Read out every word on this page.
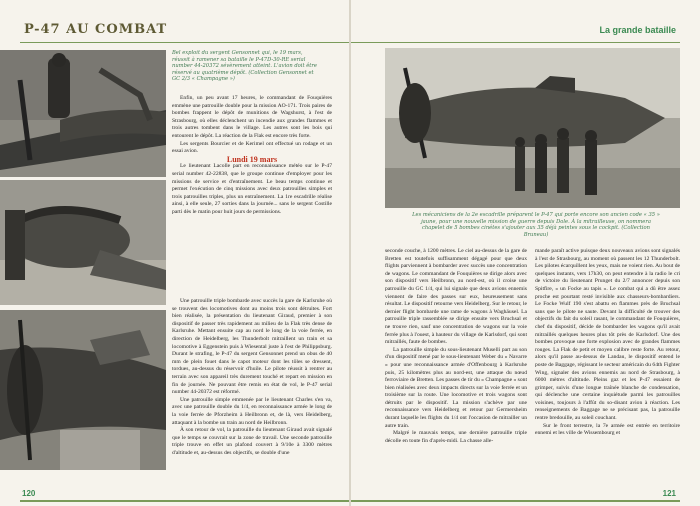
P-47 AU COMBAT
Bel exploit du sergent Gensonnet qui, le 19 mars, réussit à ramener sa bataille le P-47D-30-RE serial number 44-20372 sévèrement atteint. L'avion doit être réservé au quatrième dépôt. (Collection Gensonnet et GC 2/3 « Champagne »)

Enfin, un peu avant 17 heures, le commandant de Fouquières emmène une patrouille double pour la mission AO-171. Trois paires de bombes frappent le dépôt de munitions de Wagshurst, à l'est de Strasbourg, où elles déclenchent un incendie aux grandes flammes et trois autres tombent dans le village. Les autres sont les bois qui entourent le dépôt. La réaction de la Flak est encore très forte.

Les sergents Bourcier et de Kerimel ont effectué un rodage et un essai avion.

Lundi 19 mars

Le lieutenant Lacolle part en reconnaissance météo sur le P-47 serial number 42-22838, que le groupe continue d'employer pour les missions de service et d'entraînement. Le beau temps continue et permet l'exécution de cinq missions avec deux patrouilles simples et trois patrouilles triples, plus un entraînement. La 1re escadrille réalise ainsi, à elle seule, 27 sorties dans la journée... sans le sergent Costille parti dès le matin pour huit jours de permissions.

Une patrouille triple bombarde avec succès la gare de Karlsruhe où se trouvent des locomotives dont au moins trois sont détruites. Fort bien réalisée, la présentation du lieutenant Giraud, premier à son dispositif de passer très rapidement au milieu de la Flak très dense de Karlsruhe. Mettant ensuite cap au nord le long de la voie ferrée, en direction de Heidelberg, les Thunderbolt mitraillent un train et sa locomotive à Eggenstein puis à Wiesental juste à l'est de Philippsburg. Durant le strafing, le P-47 du sergent Gensonnet prend un obus de 40 mm de plein fouet dans le capot moteur dont les tôles se dressent, tordues, au-dessus du réservoir d'huile. Le pilote réussit à rentrer au terrain avec son appareil très durement touché et repart en mission en fin de journée. Ne pouvant être remis en état de vol, le P-47 serial number 44-20372 est réformé.

Une patrouille simple emmenée par le lieutenant Charles s'en va, avec une patrouille double du 1/4, en reconnaissance armée le long de la voie ferrée de Pforzheim à Heilbronn et, de là, vers Heidelberg, attaquant à la bombe un train au nord de Heilbronn.

À son retour de vol, la patrouille du lieutenant Giraud avait signalé que le temps se couvrait sur la zone de travail. Une seconde patrouille triple trouve en effet un plafond couvert à 9/10e à 3300 mètres d'altitude et, au-dessus des objectifs, se double d'une

120
La grande bataille
Les mécaniciens de la 2e escadrille préparent le P-47 qui porte encore son ancien code « 35 » jaune, pour une nouvelle mission de guerre depuis Dole. À la mitrailleuse, on nommera chapelet de 5 bombes cinétes s'ajouter aux 35 déjà peintes sous le cockpit. (Collection Bruneau)

seconde couche, à 1200 mètres. Le ciel au-dessus de la gare de Bretten est toutefois suffisamment dégagé pour que deux flights parviennent à bombarder avec succès une concentration de wagons. Le commandant de Fouquières se dirige alors avec son dispositif vers Heilbronn, au nord-est, où il croise une patrouille du GC 1/4, qui lui signale que deux avions ennemis viennent de faire des passes sur eux, heureusement sans résultat. Le dispositif retourne vers Heidelberg. Sur le retour, le dernier flight bombarde une rame de wagons à Waghäusel. La patrouille triple rassemblée se dirige ensuite vers Bruchsal et ne trouve rien, sauf une concentration de wagons sur la voie ferrée plus à l'ouest, à hauteur du village de Karlsdorf, qui sont mitraillés, faute de bombes.

La patrouille simple du sous-lieutenant Muselli part au son d'un dispositif mené par le sous-lieutenant Weber du « Navarre » pour une reconnaissance armée d'Offenbourg à Karlsruhe puis, 25 kilomètres plus au nord-est, une attaque du nœud ferroviaire de Bretten. Les passes de tir du « Champagne » sont bien réalisées avec deux impacts directs sur la voie ferrée et un troisième sur la route. Une locomotive et trois wagons sont détruits par le dispositif. La mission s'achève par une reconnaissance vers Heidelberg et retour par Germersheim durant laquelle les flights du 1/4 ont l'occasion de mitrailler un autre train.

Malgré le mauvais temps, une dernière patrouille triple décolle en toute fin d'après-midi. La chasse alle-

mande paraît active puisque deux nouveaux avions sont signalés à l'est de Strasbourg, au moment où passent les 12 Thunderbolt. Les pilotes écarquillent les yeux, mais ne voient rien. Au bout de quelques instants, vers 17h30, on peut entendre à la radio le cri de victoire du lieutenant Prunget du 2/7 annoncer depuis son Spitfire, « un Focke au tapis ». Le combat qui a dû être assez proche est pourtant resté invisible aux chasseurs-bombardiers. Le Focke Wulf 190 s'est abattu en flammes près de Bruchsal sans que le pilote ne saute. Devant la difficulté de trouver des objectifs du fait du soleil rasant, le commandant de Fouquières, chef du dispositif, décide de bombarder les wagons qu'il avait mitraillés quelques heures plus tôt près de Karlsdorf. Une des bombes provoque une forte explosion avec de grandes flammes rouges. La Flak de petit et moyen calibre reste forte. Au retour, alors qu'il passe au-dessus de Landau, le dispositif entend le poste de Baggage, régissant le secteur américain du 64th Fighter Wing, signaler des avions ennemis au nord de Strasbourg, à 6000 mètres d'altitude. Pleins gaz et les P-47 essaient de grimper, suivis d'une longue traînée blanche de condensation, qui déclenche une certaine inquiétude parmi les patrouilles voisines, toujours à l'affût du so-disant avion à réaction. Les renseignements de Baggage ne se précisant pas, la patrouille rentre bredouille, au soleil couchant.

Sur le front terrestre, la 7e armée est entrée en territoire ennemi et les ville de Wissembourg et

121
